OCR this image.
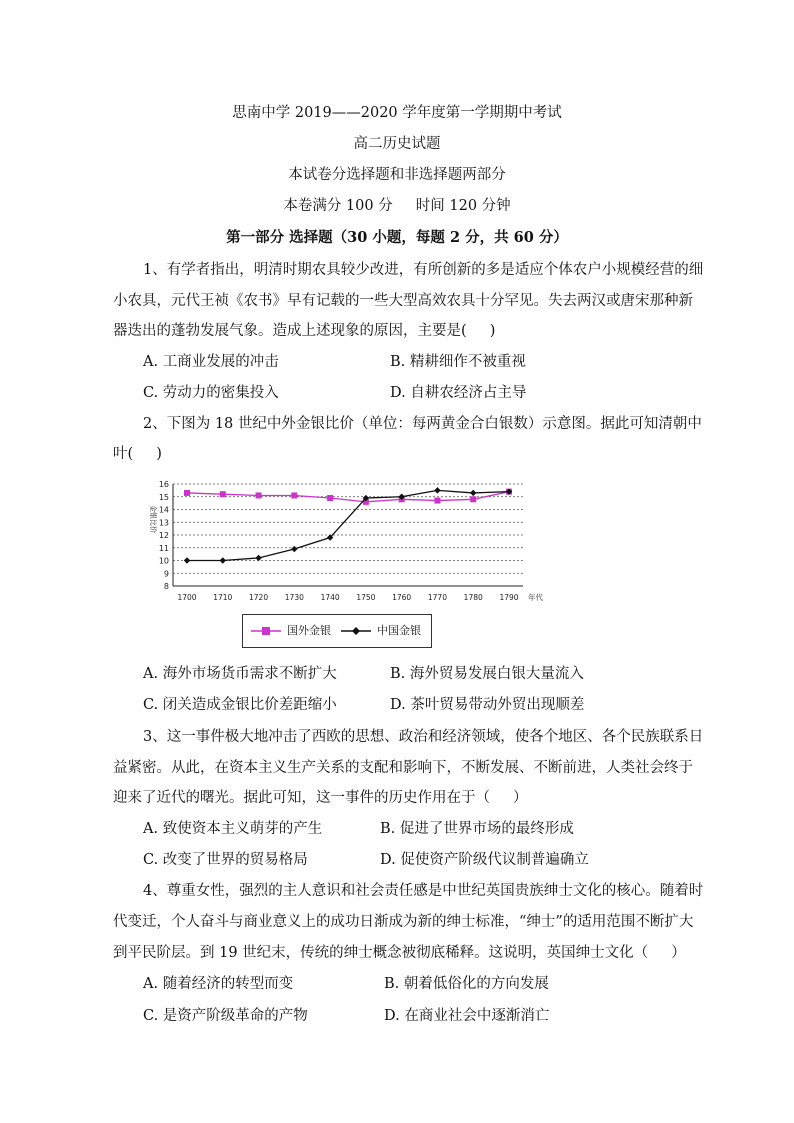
思南中学 2019——2020 学年度第一学期期中考试
高二历史试题
本试卷分选择题和非选择题两部分
本卷满分 100 分     时间 120 分钟
第一部分 选择题（30 小题，每题 2 分，共 60 分）
1、有学者指出，明清时期农具较少改进，有所创新的多是适应个体农户小规模经营的细
小农具，元代王祯《农书》早有记载的一些大型高效农具十分罕见。失去两汉或唐宋那种新
器迭出的蓬勃发展气象。造成上述现象的原因，主要是(     )
A. 工商业发展的冲击	B. 精耕细作不被重视
C. 劳动力的密集投入	D. 自耕农经济占主导
2、下图为 18 世纪中外金银比价（单位：每两黄金合白银数）示意图。据此可知清朝中
叶(     )
8
9
10
11
12
13
14
15
16
1700 1710 1720 1730 1740 1750 1760 1770 1780 1790 年代
金银比价
国外金银	中国金银
A. 海外市场货币需求不断扩大	B. 海外贸易发展白银大量流入
C. 闭关造成金银比价差距缩小	D. 茶叶贸易带动外贸出现顺差
3、这一事件极大地冲击了西欧的思想、政治和经济领域，使各个地区、各个民族联系日
益紧密。从此，在资本主义生产关系的支配和影响下，不断发展、不断前进，人类社会终于
迎来了近代的曙光。据此可知，这一事件的历史作用在于（     ）
A. 致使资本主义萌芽的产生	B. 促进了世界市场的最终形成
C. 改变了世界的贸易格局	D. 促使资产阶级代议制普遍确立
4、尊重女性，强烈的主人意识和社会责任感是中世纪英国贵族绅士文化的核心。随着时
代变迁，个人奋斗与商业意义上的成功日渐成为新的绅士标准，“绅士”的适用范围不断扩大
到平民阶层。到 19 世纪末，传统的绅士概念被彻底稀释。这说明，英国绅士文化（     ）
A. 随着经济的转型而变	B. 朝着低俗化的方向发展
C. 是资产阶级革命的产物	D. 在商业社会中逐渐消亡
